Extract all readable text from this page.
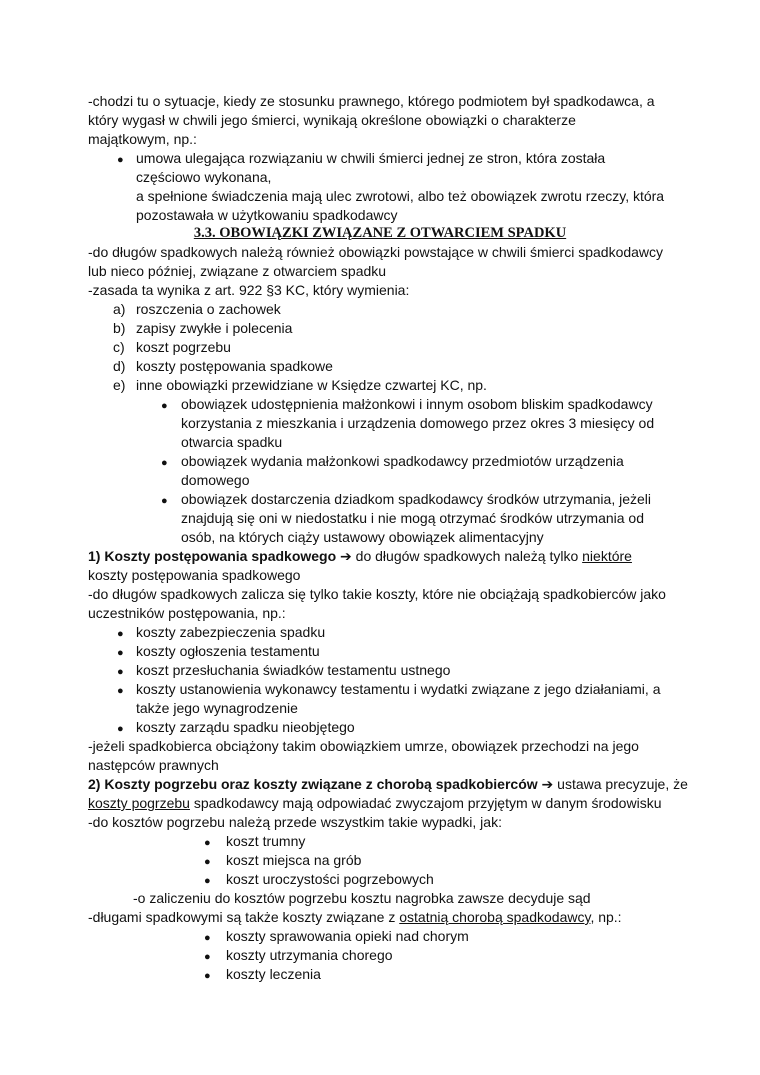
-chodzi tu o sytuacje, kiedy ze stosunku prawnego, którego podmiotem był spadkodawca, a
który wygasł w chwili jego śmierci, wynikają określone obowiązki o charakterze
majątkowym, np.:
● umowa ulegająca rozwiązaniu w chwili śmierci jednej ze stron, która została
częściowo wykonana,
a spełnione świadczenia mają ulec zwrotowi, albo też obowiązek zwrotu rzeczy, która
pozostawała w użytkowaniu spadkodawcy
3.3. OBOWIĄZKI ZWIĄZANE Z OTWARCIEM SPADKU
-do długów spadkowych należą również obowiązki powstające w chwili śmierci spadkodawcy
lub nieco później, związane z otwarciem spadku
-zasada ta wynika z art. 922 §3 KC, który wymienia:
a) roszczenia o zachowek
b) zapisy zwykłe i polecenia
c) koszt pogrzebu
d) koszty postępowania spadkowe
e) inne obowiązki przewidziane w Księdze czwartej KC, np.
● obowiązek udostępnienia małżonkowi i innym osobom bliskim spadkodawcy
korzystania z mieszkania i urządzenia domowego przez okres 3 miesięcy od
otwarcia spadku
● obowiązek wydania małżonkowi spadkodawcy przedmiotów urządzenia
domowego
● obowiązek dostarczenia dziadkom spadkodawcy środków utrzymania, jeżeli
znajdują się oni w niedostatku i nie mogą otrzymać środków utrzymania od
osób, na których ciąży ustawowy obowiązek alimentacyjny
1) Koszty postępowania spadkowego ➔ do długów spadkowych należą tylko niektóre
koszty postępowania spadkowego
-do długów spadkowych zalicza się tylko takie koszty, które nie obciążają spadkobierców jako
uczestników postępowania, np.:
● koszty zabezpieczenia spadku
● koszty ogłoszenia testamentu
● koszt przesłuchania świadków testamentu ustnego
● koszty ustanowienia wykonawcy testamentu i wydatki związane z jego działaniami, a
także jego wynagrodzenie
● koszty zarządu spadku nieobjętego
-jeżeli spadkobierca obciążony takim obowiązkiem umrze, obowiązek przechodzi na jego
następców prawnych
2) Koszty pogrzebu oraz koszty związane z chorobą spadkobierców ➔ ustawa precyzuje, że
koszty pogrzebu spadkodawcy mają odpowiadać zwyczajom przyjętym w danym środowisku
-do kosztów pogrzebu należą przede wszystkim takie wypadki, jak:
● koszt trumny
● koszt miejsca na grób
● koszt uroczystości pogrzebowych
-o zaliczeniu do kosztów pogrzebu kosztu nagrobka zawsze decyduje sąd
-długami spadkowymi są także koszty związane z ostatnią chorobą spadkodawcy, np.:
● koszty sprawowania opieki nad chorym
● koszty utrzymania chorego
● koszty leczenia
